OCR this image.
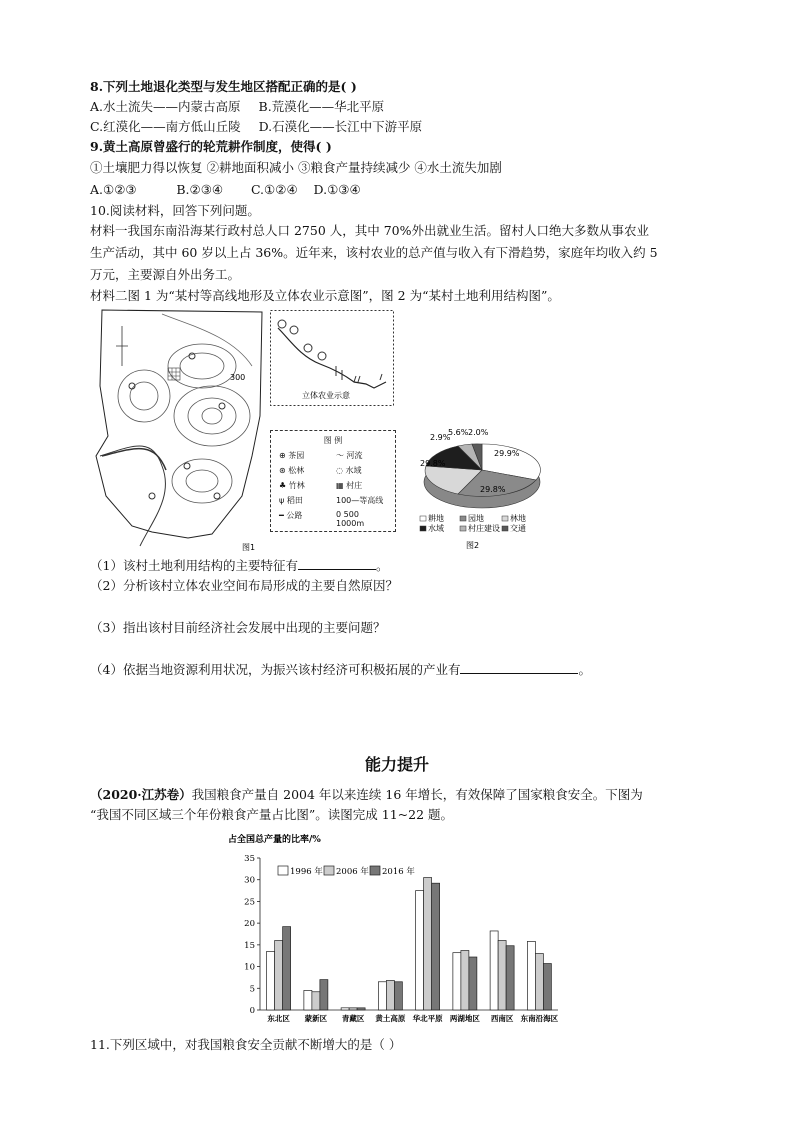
8.下列土地退化类型与发生地区搭配正确的是( )
A.水土流失——内蒙古高原 B.荒漠化——华北平原
C.红漠化——南方低山丘陵 D.石漠化——长江中下游平原
9.黄土高原曾盛行的轮荒耕作制度，使得( )
①土壤肥力得以恢复 ②耕地面积减小 ③粮食产量持续减少 ④水土流失加剧
A.①②③          B.②③④       C.①②④    D.①③④
10.阅读材料，回答下列问题。
材料一我国东南沿海某行政村总人口 2750 人，其中 70%外出就业生活。留村人口绝大多数从事农业
生产活动，其中 60 岁以上占 36%。近年来，该村农业的总产值与收入有下滑趋势，家庭年均收入约 5
万元，主要源自外出务工。
材料二图 1 为“某村等高线地形及立体农业示意图”，图 2 为“某村土地利用结构图”。
300
图1
立体农业示意
图 例
⊕ 茶园	〜 河流
⊛ 松林	◌ 水域
♣ 竹林	▦ 村庄
ψ 稻田	100—等高线
━ 公路	0 500 1000m
29.9%
29.8%
29.8%
2.9%
5.6% 2.0%
耕地	园地	林地
水域	村庄建设 交通
图2
（1）该村土地利用结构的主要特征有	。
（2）分析该村立体农业空间布局形成的主要自然原因？
（3）指出该村目前经济社会发展中出现的主要问题？
（4）依据当地资源利用状况，为振兴该村经济可积极拓展的产业有	。
能力提升
（2020·江苏卷）我国粮食产量自 2004 年以来连续 16 年增长，有效保障了国家粮食安全。下图为
“我国不同区域三个年份粮食产量占比图”。读图完成 11~22 题。
占全国总产量的比率/%
0
5
10
15
20
25
30
35
东北区 蒙新区 青藏区 黄土高原 华北平原 两湖地区 西南区 东南沿海区
1996 年 2006 年 2016 年
11.下列区域中，对我国粮食安全贡献不断增大的是（ ）
